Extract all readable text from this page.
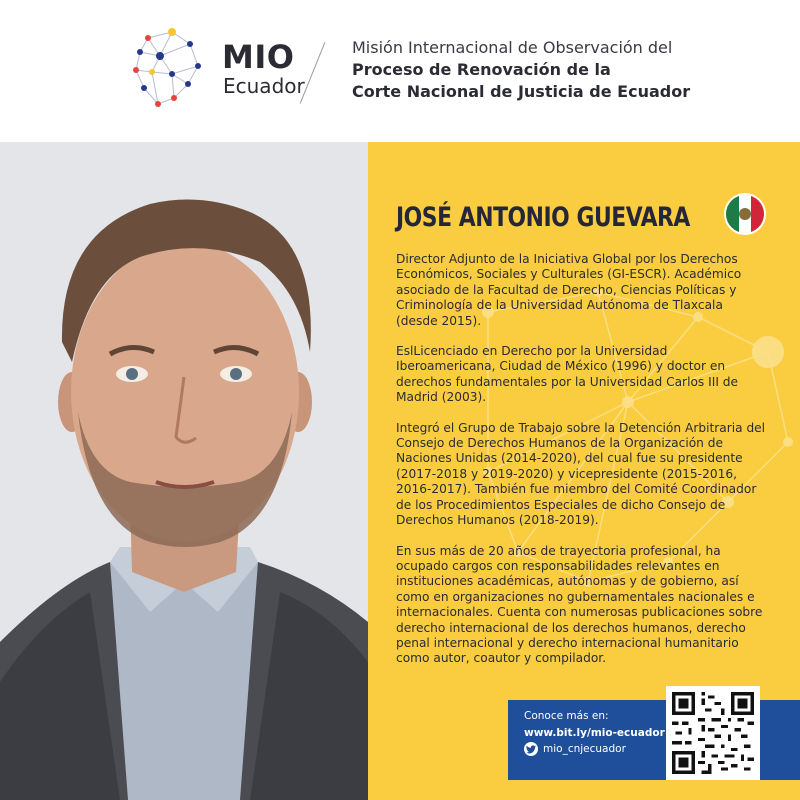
MIO
Ecuador
Misión Internacional de Observación del
Proceso de Renovación de la
Corte Nacional de Justicia de Ecuador
JOSÉ ANTONIO GUEVARA

Director Adjunto de la Iniciativa Global por los Derechos Económicos, Sociales y Culturales (GI-ESCR). Académico asociado de la Facultad de Derecho, Ciencias Políticas y Criminología de la Universidad Autónoma de Tlaxcala (desde 2015).

EslLicenciado en Derecho por la Universidad Iberoamericana, Ciudad de México (1996) y doctor en derechos fundamentales por la Universidad Carlos III de Madrid (2003).

Integró el Grupo de Trabajo sobre la Detención Arbitraria del Consejo de Derechos Humanos de la Organización de Naciones Unidas (2014-2020), del cual fue su presidente (2017-2018 y 2019-2020) y vicepresidente (2015-2016, 2016-2017). También fue miembro del Comité Coordinador de los Procedimientos Especiales de dicho Consejo de Derechos Humanos (2018-2019).

En sus más de 20 años de trayectoria profesional, ha ocupado cargos con responsabilidades relevantes en instituciones académicas, autónomas y de gobierno, así como en organizaciones no gubernamentales nacionales e internacionales. Cuenta con numerosas publicaciones sobre derecho internacional de los derechos humanos, derecho penal internacional y derecho internacional humanitario como autor, coautor y compilador.

Conoce más en:
www.bit.ly/mio-ecuador
mio_cnjecuador
